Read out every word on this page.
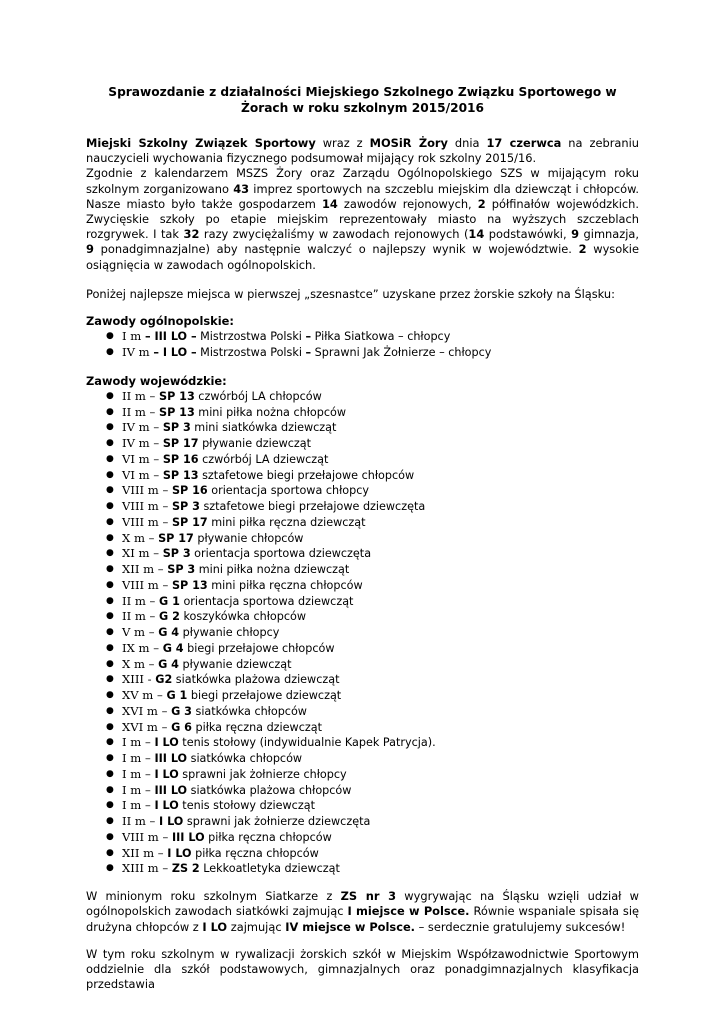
Sprawozdanie z działalności Miejskiego Szkolnego Związku Sportowego w Żorach w roku szkolnym 2015/2016

Miejski Szkolny Związek Sportowy wraz z MOSiR Żory dnia 17 czerwca na zebraniu nauczycieli wychowania fizycznego podsumował mijający rok szkolny 2015/16.
Zgodnie z kalendarzem MSZS Żory oraz Zarządu Ogólnopolskiego SZS w mijającym roku szkolnym zorganizowano 43 imprez sportowych na szczeblu miejskim dla dziewcząt i chłopców. Nasze miasto było także gospodarzem 14 zawodów rejonowych, 2 półfinałów wojewódzkich. Zwycięskie szkoły po etapie miejskim reprezentowały miasto na wyższych szczeblach rozgrywek. I tak 32 razy zwyciężaliśmy w zawodach rejonowych (14 podstawówki, 9 gimnazja, 9 ponadgimnazjalne) aby następnie walczyć o najlepszy wynik w województwie. 2 wysokie osiągnięcia w zawodach ogólnopolskich.

Poniżej najlepsze miejsca w pierwszej „szesnastce” uzyskane przez żorskie szkoły na Śląsku:

Zawody ogólnopolskie:

● I m – III LO – Mistrzostwa Polski – Piłka Siatkowa – chłopcy
● IV m – I LO – Mistrzostwa Polski – Sprawni Jak Żołnierze – chłopcy

Zawody wojewódzkie:

● II m – SP 13 czwórbój LA chłopców
● II m – SP 13 mini piłka nożna chłopców
● IV m – SP 3 mini siatkówka dziewcząt
● IV m – SP 17 pływanie dziewcząt
● VI m – SP 16 czwórbój LA dziewcząt
● VI m – SP 13 sztafetowe biegi przełajowe chłopców
● VIII m – SP 16 orientacja sportowa chłopcy
● VIII m – SP 3 sztafetowe biegi przełajowe dziewczęta
● VIII m – SP 17 mini piłka ręczna dziewcząt
● X m – SP 17 pływanie chłopców
● XI m – SP 3 orientacja sportowa dziewczęta
● XII m – SP 3 mini piłka nożna dziewcząt
● VIII m – SP 13 mini piłka ręczna chłopców
● II m – G 1 orientacja sportowa dziewcząt
● II m – G 2 koszykówka chłopców
● V m – G 4 pływanie chłopcy
● IX m – G 4 biegi przełajowe chłopców
● X m – G 4 pływanie dziewcząt
● XIII - G2 siatkówka plażowa dziewcząt
● XV m – G 1 biegi przełajowe dziewcząt
● XVI m – G 3 siatkówka chłopców
● XVI m – G 6 piłka ręczna dziewcząt
● I m – I LO tenis stołowy (indywidualnie Kapek Patrycja).
● I m – III LO siatkówka chłopców
● I m – I LO sprawni jak żołnierze chłopcy
● I m – III LO siatkówka plażowa chłopców
● I m – I LO tenis stołowy dziewcząt
● II m – I LO sprawni jak żołnierze dziewczęta
● VIII m – III LO piłka ręczna chłopców
● XII m – I LO piłka ręczna chłopców
● XIII m – ZS 2 Lekkoatletyka dziewcząt

W minionym roku szkolnym Siatkarze z ZS nr 3 wygrywając na Śląsku wzięli udział w ogólnopolskich zawodach siatkówki zajmując I miejsce w Polsce. Równie wspaniale spisała się drużyna chłopców z I LO zajmując IV miejsce w Polsce. – serdecznie gratulujemy sukcesów!

W tym roku szkolnym w rywalizacji żorskich szkół w Miejskim Współzawodnictwie Sportowym oddzielnie dla szkół podstawowych, gimnazjalnych oraz ponadgimnazjalnych klasyfikacja przedstawia
